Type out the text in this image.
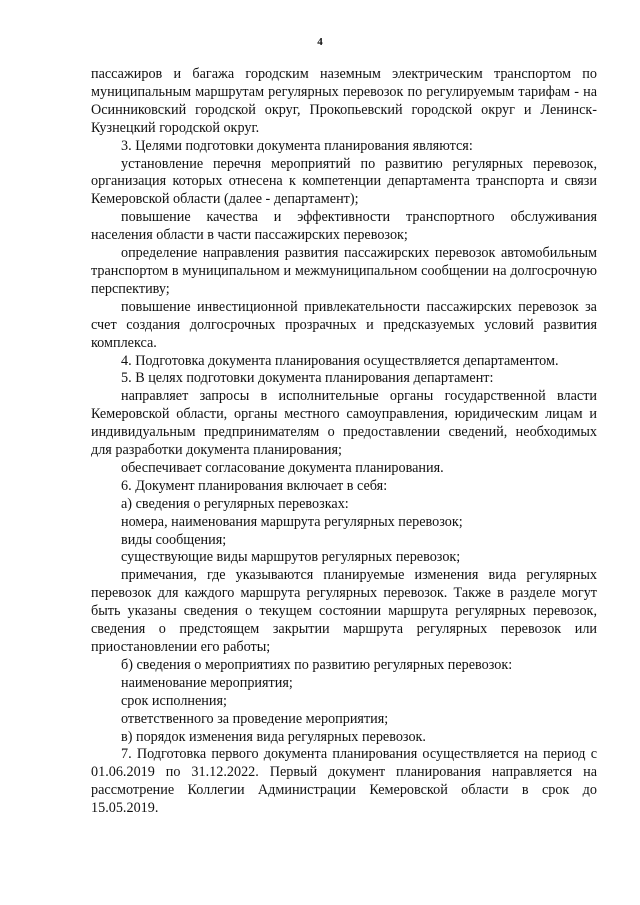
4

пассажиров и багажа городским наземным электрическим транспортом по муниципальным маршрутам регулярных перевозок по регулируемым тарифам - на Осинниковский городской округ, Прокопьевский городской округ и Ленинск-Кузнецкий городской округ.

3. Целями подготовки документа планирования являются:

установление перечня мероприятий по развитию регулярных перевозок, организация которых отнесена к компетенции департамента транспорта и связи Кемеровской области (далее - департамент);

повышение качества и эффективности транспортного обслуживания населения области в части пассажирских перевозок;

определение направления развития пассажирских перевозок автомобильным транспортом в муниципальном и межмуниципальном сообщении на долгосрочную перспективу;

повышение инвестиционной привлекательности пассажирских перевозок за счет создания долгосрочных прозрачных и предсказуемых условий развития комплекса.

4. Подготовка документа планирования осуществляется департаментом.

5. В целях подготовки документа планирования департамент:

направляет запросы в исполнительные органы государственной власти Кемеровской области, органы местного самоуправления, юридическим лицам и индивидуальным предпринимателям о предоставлении сведений, необходимых для разработки документа планирования;

обеспечивает согласование документа планирования.

6. Документ планирования включает в себя:

а) сведения о регулярных перевозках:

номера, наименования маршрута регулярных перевозок;

виды сообщения;

существующие виды маршрутов регулярных перевозок;

примечания, где указываются планируемые изменения вида регулярных перевозок для каждого маршрута регулярных перевозок. Также в разделе могут быть указаны сведения о текущем состоянии маршрута регулярных перевозок, сведения о предстоящем закрытии маршрута регулярных перевозок или приостановлении его работы;

б) сведения о мероприятиях по развитию регулярных перевозок:

наименование мероприятия;

срок исполнения;

ответственного за проведение мероприятия;

в) порядок изменения вида регулярных перевозок.

7. Подготовка первого документа планирования осуществляется на период с 01.06.2019 по 31.12.2022. Первый документ планирования направляется на рассмотрение Коллегии Администрации Кемеровской области в срок до 15.05.2019.
